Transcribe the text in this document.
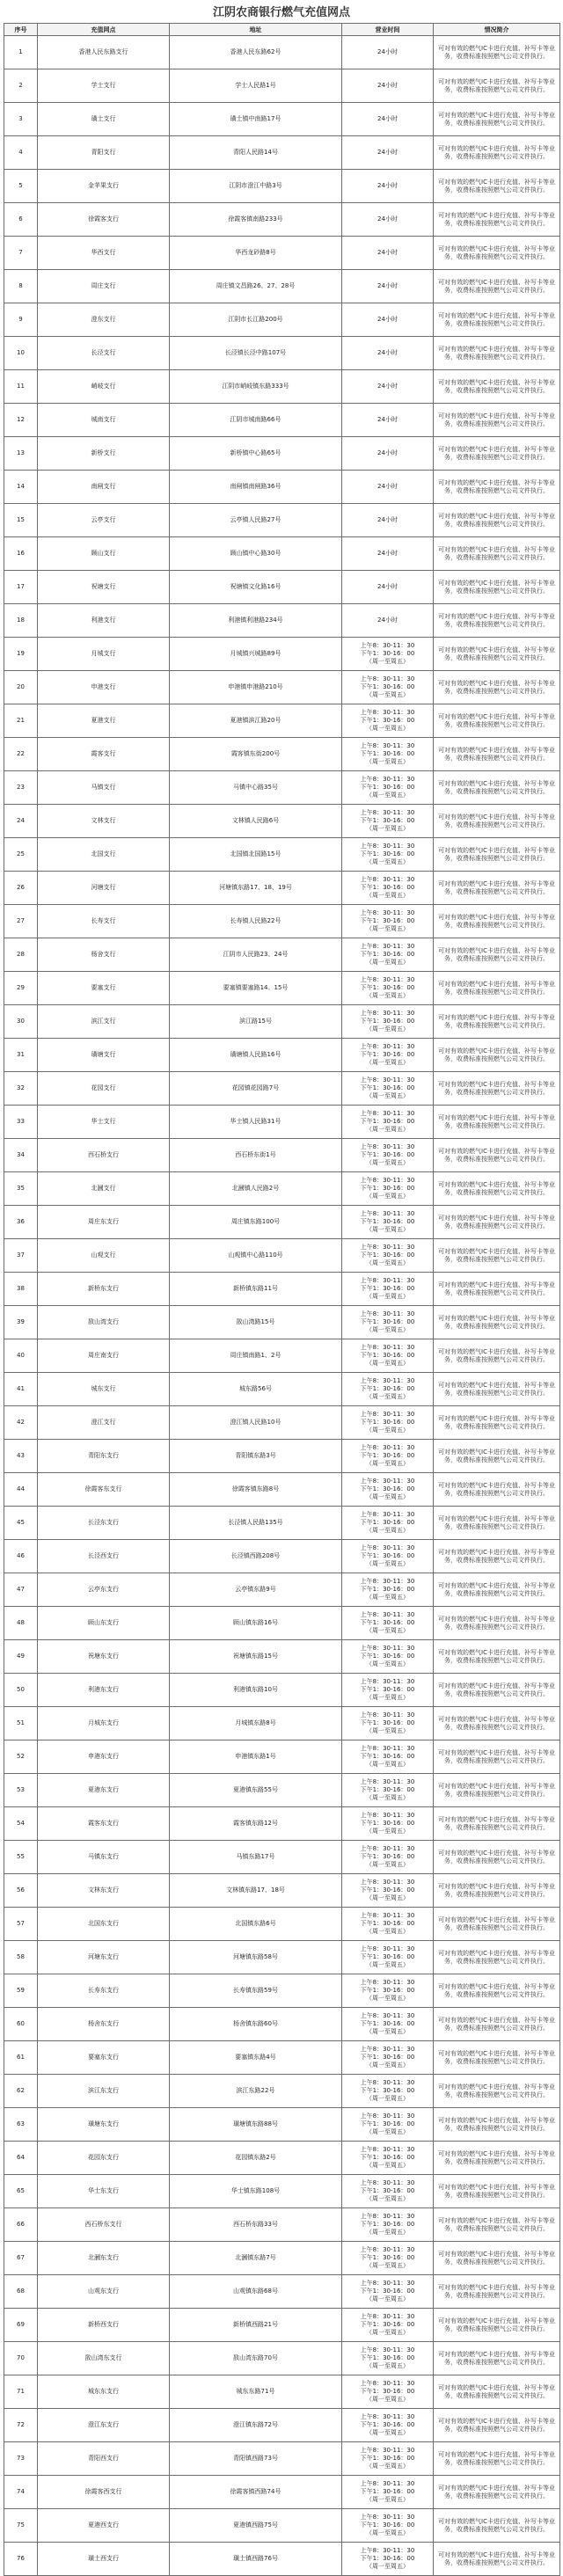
江阴农商银行燃气充值网点
序号	充值网点	地址	营业时间	情况简介
1	香港人民东路支行	香港人民东路62号	24小时	可对有效的燃气IC卡进行充值、补写卡等业务，收费标准按照燃气公司文件执行。
2	学士支行	学士人民路1号	24小时	可对有效的燃气IC卡进行充值、补写卡等业务，收费标准按照燃气公司文件执行。
3	璜土支行	璜土镇中南路17号	24小时	可对有效的燃气IC卡进行充值、补写卡等业务，收费标准按照燃气公司文件执行。
4	青阳支行	青阳人民路14号	24小时	可对有效的燃气IC卡进行充值、补写卡等业务，收费标准按照燃气公司文件执行。
5	金苹果支行	江阴市澄江中路3号	24小时	可对有效的燃气IC卡进行充值、补写卡等业务，收费标准按照燃气公司文件执行。
6	徐霞客支行	徐霞客镇南路233号	24小时	可对有效的燃气IC卡进行充值、补写卡等业务，收费标准按照燃气公司文件执行。
7	华西支行	华西龙砂路8号	24小时	可对有效的燃气IC卡进行充值、补写卡等业务，收费标准按照燃气公司文件执行。
8	周庄支行	周庄镇文昌路26、27、28号	24小时	可对有效的燃气IC卡进行充值、补写卡等业务，收费标准按照燃气公司文件执行。
9	澄东支行	江阴市长江路200号	24小时	可对有效的燃气IC卡进行充值、补写卡等业务，收费标准按照燃气公司文件执行。
10	长泾支行	长泾镇长泾中路107号	24小时	可对有效的燃气IC卡进行充值、补写卡等业务，收费标准按照燃气公司文件执行。
11	峭岐支行	江阴市峭岐镇东路333号	24小时	可对有效的燃气IC卡进行充值、补写卡等业务，收费标准按照燃气公司文件执行。
12	城南支行	江阴市城南路66号	24小时	可对有效的燃气IC卡进行充值、补写卡等业务，收费标准按照燃气公司文件执行。
13	新桥支行	新桥镇中心路65号	24小时	可对有效的燃气IC卡进行充值、补写卡等业务，收费标准按照燃气公司文件执行。
14	南闸支行	南闸镇南闸路36号	24小时	可对有效的燃气IC卡进行充值、补写卡等业务，收费标准按照燃气公司文件执行。
15	云亭支行	云亭镇人民路27号	24小时	可对有效的燃气IC卡进行充值、补写卡等业务，收费标准按照燃气公司文件执行。
16	顾山支行	顾山镇中心路30号	24小时	可对有效的燃气IC卡进行充值、补写卡等业务，收费标准按照燃气公司文件执行。
17	祝塘支行	祝塘镇文化路16号	24小时	可对有效的燃气IC卡进行充值、补写卡等业务，收费标准按照燃气公司文件执行。
18	利港支行	利港镇利港路234号	24小时	可对有效的燃气IC卡进行充值、补写卡等业务，收费标准按照燃气公司文件执行。
19	月城支行	月城镇兴城路89号	上午8：30-11：30
下午1：30-16：00
（周一至周五）	可对有效的燃气IC卡进行充值、补写卡等业务，收费标准按照燃气公司文件执行。
20	申港支行	申港镇申港路210号	上午8：30-11：30
下午1：30-16：00
（周一至周五）	可对有效的燃气IC卡进行充值、补写卡等业务，收费标准按照燃气公司文件执行。
21	夏港支行	夏港镇滨江路20号	上午8：30-11：30
下午1：30-16：00
（周一至周五）	可对有效的燃气IC卡进行充值、补写卡等业务，收费标准按照燃气公司文件执行。
22	霞客支行	霞客镇东街200号	上午8：30-11：30
下午1：30-16：00
（周一至周五）	可对有效的燃气IC卡进行充值、补写卡等业务，收费标准按照燃气公司文件执行。
23	马镇支行	马镇中心路35号	上午8：30-11：30
下午1：30-16：00
（周一至周五）	可对有效的燃气IC卡进行充值、补写卡等业务，收费标准按照燃气公司文件执行。
24	文林支行	文林镇人民路6号	上午8：30-11：30
下午1：30-16：00
（周一至周五）	可对有效的燃气IC卡进行充值、补写卡等业务，收费标准按照燃气公司文件执行。
25	北国支行	北国镇北国路15号	上午8：30-11：30
下午1：30-16：00
（周一至周五）	可对有效的燃气IC卡进行充值、补写卡等业务，收费标准按照燃气公司文件执行。
26	河塘支行	河塘镇东路17、18、19号	上午8：30-11：30
下午1：30-16：00
（周一至周五）	可对有效的燃气IC卡进行充值、补写卡等业务，收费标准按照燃气公司文件执行。
27	长寿支行	长寿镇人民路22号	上午8：30-11：30
下午1：30-16：00
（周一至周五）	可对有效的燃气IC卡进行充值、补写卡等业务，收费标准按照燃气公司文件执行。
28	杨舍支行	江阴市人民路23、24号	上午8：30-11：30
下午1：30-16：00
（周一至周五）	可对有效的燃气IC卡进行充值、补写卡等业务，收费标准按照燃气公司文件执行。
29	要塞支行	要塞镇要塞路14、15号	上午8：30-11：30
下午1：30-16：00
（周一至周五）	可对有效的燃气IC卡进行充值、补写卡等业务，收费标准按照燃气公司文件执行。
30	滨江支行	滨江路15号	上午8：30-11：30
下午1：30-16：00
（周一至周五）	可对有效的燃气IC卡进行充值、补写卡等业务，收费标准按照燃气公司文件执行。
31	璜塘支行	璜塘镇人民路16号	上午8：30-11：30
下午1：30-16：00
（周一至周五）	可对有效的燃气IC卡进行充值、补写卡等业务，收费标准按照燃气公司文件执行。
32	花园支行	花园镇花园路7号	上午8：30-11：30
下午1：30-16：00
（周一至周五）	可对有效的燃气IC卡进行充值、补写卡等业务，收费标准按照燃气公司文件执行。
33	华士支行	华士镇人民路31号	上午8：30-11：30
下午1：30-16：00
（周一至周五）	可对有效的燃气IC卡进行充值、补写卡等业务，收费标准按照燃气公司文件执行。
34	西石桥支行	西石桥东街1号	上午8：30-11：30
下午1：30-16：00
（周一至周五）	可对有效的燃气IC卡进行充值、补写卡等业务，收费标准按照燃气公司文件执行。
35	北漍支行	北漍镇人民路2号	上午8：30-11：30
下午1：30-16：00
（周一至周五）	可对有效的燃气IC卡进行充值、补写卡等业务，收费标准按照燃气公司文件执行。
36	周庄东支行	周庄镇东路100号	上午8：30-11：30
下午1：30-16：00
（周一至周五）	可对有效的燃气IC卡进行充值、补写卡等业务，收费标准按照燃气公司文件执行。
37	山观支行	山观镇中心路110号	上午8：30-11：30
下午1：30-16：00
（周一至周五）	可对有效的燃气IC卡进行充值、补写卡等业务，收费标准按照燃气公司文件执行。
38	新桥东支行	新桥镇东路11号	上午8：30-11：30
下午1：30-16：00
（周一至周五）	可对有效的燃气IC卡进行充值、补写卡等业务，收费标准按照燃气公司文件执行。
39	敔山湾支行	敔山湾路15号	上午8：30-11：30
下午1：30-16：00
（周一至周五）	可对有效的燃气IC卡进行充值、补写卡等业务，收费标准按照燃气公司文件执行。
40	周庄南支行	周庄镇南路1、2号	上午8：30-11：30
下午1：30-16：00
（周一至周五）	可对有效的燃气IC卡进行充值、补写卡等业务，收费标准按照燃气公司文件执行。
41	城东支行	城东路56号	上午8：30-11：30
下午1：30-16：00
（周一至周五）	可对有效的燃气IC卡进行充值、补写卡等业务，收费标准按照燃气公司文件执行。
42	澄江支行	澄江镇人民路10号	上午8：30-11：30
下午1：30-16：00
（周一至周五）	可对有效的燃气IC卡进行充值、补写卡等业务，收费标准按照燃气公司文件执行。
43	青阳东支行	青阳镇东路3号	上午8：30-11：30
下午1：30-16：00
（周一至周五）	可对有效的燃气IC卡进行充值、补写卡等业务，收费标准按照燃气公司文件执行。
44	徐霞客东支行	徐霞客镇东路8号	上午8：30-11：30
下午1：30-16：00
（周一至周五）	可对有效的燃气IC卡进行充值、补写卡等业务，收费标准按照燃气公司文件执行。
45	长泾东支行	长泾镇人民路135号	上午8：30-11：30
下午1：30-16：00
（周一至周五）	可对有效的燃气IC卡进行充值、补写卡等业务，收费标准按照燃气公司文件执行。
46	长泾西支行	长泾镇西路208号	上午8：30-11：30
下午1：30-16：00
（周一至周五）	可对有效的燃气IC卡进行充值、补写卡等业务，收费标准按照燃气公司文件执行。
47	云亭东支行	云亭镇东路9号	上午8：30-11：30
下午1：30-16：00
（周一至周五）	可对有效的燃气IC卡进行充值、补写卡等业务，收费标准按照燃气公司文件执行。
48	顾山东支行	顾山镇东路16号	上午8：30-11：30
下午1：30-16：00
（周一至周五）	可对有效的燃气IC卡进行充值、补写卡等业务，收费标准按照燃气公司文件执行。
49	祝塘东支行	祝塘镇东路15号	上午8：30-11：30
下午1：30-16：00
（周一至周五）	可对有效的燃气IC卡进行充值、补写卡等业务，收费标准按照燃气公司文件执行。
50	利港东支行	利港镇东路10号	上午8：30-11：30
下午1：30-16：00
（周一至周五）	可对有效的燃气IC卡进行充值、补写卡等业务，收费标准按照燃气公司文件执行。
51	月城东支行	月城镇东路8号	上午8：30-11：30
下午1：30-16：00
（周一至周五）	可对有效的燃气IC卡进行充值、补写卡等业务，收费标准按照燃气公司文件执行。
52	申港东支行	申港镇东路1号	上午8：30-11：30
下午1：30-16：00
（周一至周五）	可对有效的燃气IC卡进行充值、补写卡等业务，收费标准按照燃气公司文件执行。
53	夏港东支行	夏港镇东路55号	上午8：30-11：30
下午1：30-16：00
（周一至周五）	可对有效的燃气IC卡进行充值、补写卡等业务，收费标准按照燃气公司文件执行。
54	霞客东支行	霞客镇东路12号	上午8：30-11：30
下午1：30-16：00
（周一至周五）	可对有效的燃气IC卡进行充值、补写卡等业务，收费标准按照燃气公司文件执行。
55	马镇东支行	马镇东路17号	上午8：30-11：30
下午1：30-16：00
（周一至周五）	可对有效的燃气IC卡进行充值、补写卡等业务，收费标准按照燃气公司文件执行。
56	文林东支行	文林镇东路17、18号	上午8：30-11：30
下午1：30-16：00
（周一至周五）	可对有效的燃气IC卡进行充值、补写卡等业务，收费标准按照燃气公司文件执行。
57	北国东支行	北国镇东路6号	上午8：30-11：30
下午1：30-16：00
（周一至周五）	可对有效的燃气IC卡进行充值、补写卡等业务，收费标准按照燃气公司文件执行。
58	河塘东支行	河塘镇东路58号	上午8：30-11：30
下午1：30-16：00
（周一至周五）	可对有效的燃气IC卡进行充值、补写卡等业务，收费标准按照燃气公司文件执行。
59	长寿东支行	长寿镇东路59号	上午8：30-11：30
下午1：30-16：00
（周一至周五）	可对有效的燃气IC卡进行充值、补写卡等业务，收费标准按照燃气公司文件执行。
60	杨舍东支行	杨舍镇东路60号	上午8：30-11：30
下午1：30-16：00
（周一至周五）	可对有效的燃气IC卡进行充值、补写卡等业务，收费标准按照燃气公司文件执行。
61	要塞东支行	要塞镇东路4号	上午8：30-11：30
下午1：30-16：00
（周一至周五）	可对有效的燃气IC卡进行充值、补写卡等业务，收费标准按照燃气公司文件执行。
62	滨江东支行	滨江东路22号	上午8：30-11：30
下午1：30-16：00
（周一至周五）	可对有效的燃气IC卡进行充值、补写卡等业务，收费标准按照燃气公司文件执行。
63	璜塘东支行	璜塘镇东路88号	上午8：30-11：30
下午1：30-16：00
（周一至周五）	可对有效的燃气IC卡进行充值、补写卡等业务，收费标准按照燃气公司文件执行。
64	花园东支行	花园镇东路2号	上午8：30-11：30
下午1：30-16：00
（周一至周五）	可对有效的燃气IC卡进行充值、补写卡等业务，收费标准按照燃气公司文件执行。
65	华士东支行	华士镇东路108号	上午8：30-11：30
下午1：30-16：00
（周一至周五）	可对有效的燃气IC卡进行充值、补写卡等业务，收费标准按照燃气公司文件执行。
66	西石桥东支行	西石桥东路33号	上午8：30-11：30
下午1：30-16：00
（周一至周五）	可对有效的燃气IC卡进行充值、补写卡等业务，收费标准按照燃气公司文件执行。
67	北漍东支行	北漍镇东路7号	上午8：30-11：30
下午1：30-16：00
（周一至周五）	可对有效的燃气IC卡进行充值、补写卡等业务，收费标准按照燃气公司文件执行。
68	山观东支行	山观镇东路68号	上午8：30-11：30
下午1：30-16：00
（周一至周五）	可对有效的燃气IC卡进行充值、补写卡等业务，收费标准按照燃气公司文件执行。
69	新桥西支行	新桥镇西路21号	上午8：30-11：30
下午1：30-16：00
（周一至周五）	可对有效的燃气IC卡进行充值、补写卡等业务，收费标准按照燃气公司文件执行。
70	敔山湾东支行	敔山湾东路70号	上午8：30-11：30
下午1：30-16：00
（周一至周五）	可对有效的燃气IC卡进行充值、补写卡等业务，收费标准按照燃气公司文件执行。
71	城东东支行	城东东路71号	上午8：30-11：30
下午1：30-16：00
（周一至周五）	可对有效的燃气IC卡进行充值、补写卡等业务，收费标准按照燃气公司文件执行。
72	澄江东支行	澄江镇东路72号	上午8：30-11：30
下午1：30-16：00
（周一至周五）	可对有效的燃气IC卡进行充值、补写卡等业务，收费标准按照燃气公司文件执行。
73	青阳西支行	青阳镇西路73号	上午8：30-11：30
下午1：30-16：00
（周一至周五）	可对有效的燃气IC卡进行充值、补写卡等业务，收费标准按照燃气公司文件执行。
74	徐霞客西支行	徐霞客镇西路74号	上午8：30-11：30
下午1：30-16：00
（周一至周五）	可对有效的燃气IC卡进行充值、补写卡等业务，收费标准按照燃气公司文件执行。
75	夏港西支行	夏港镇西路75号	上午8：30-11：30
下午1：30-16：00
（周一至周五）	可对有效的燃气IC卡进行充值、补写卡等业务，收费标准按照燃气公司文件执行。
76	璜土西支行	璜土镇西路76号	上午8：30-11：30
下午1：30-16：00
（周一至周五）	可对有效的燃气IC卡进行充值、补写卡等业务，收费标准按照燃气公司文件执行。
